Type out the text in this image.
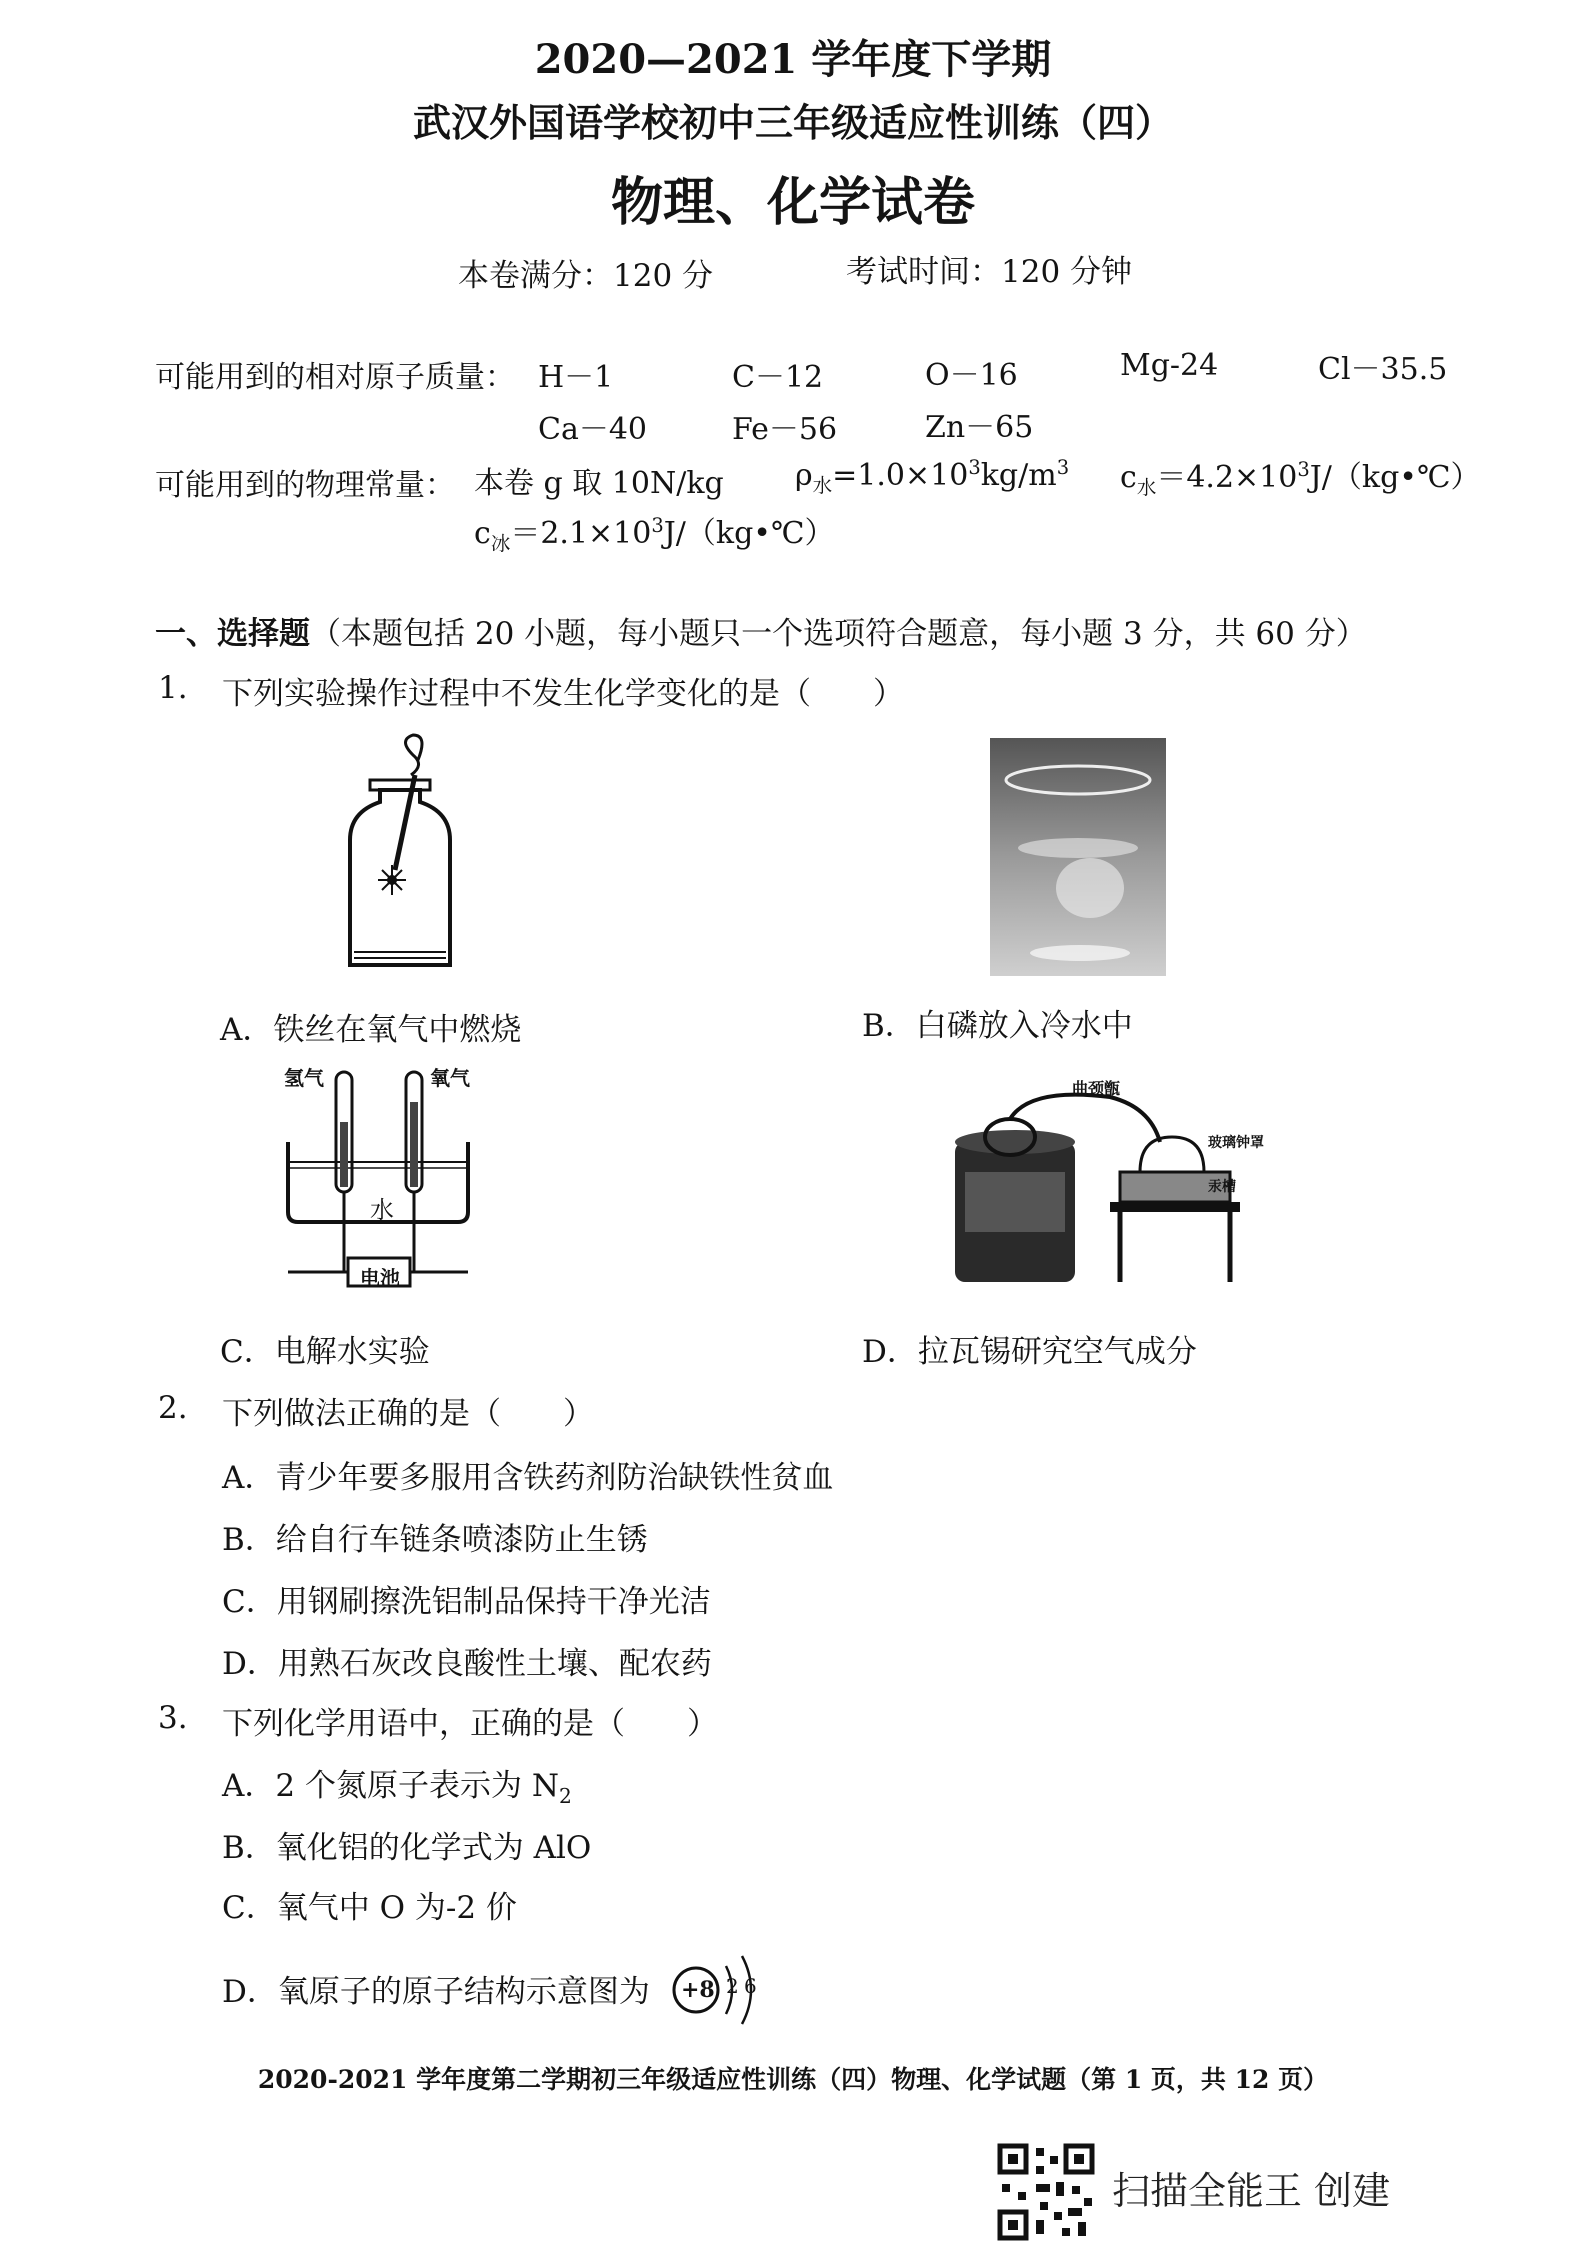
2020—2021 学年度下学期
武汉外国语学校初中三年级适应性训练（四）
物理、化学试卷
本卷满分：120 分	考试时间：120 分钟
可能用到的相对原子质量： H－1	C－12	O－16	Mg-24	Cl－35.5
Ca－40	Fe－56	Zn－65
可能用到的物理常量： 本卷 g 取 10N/kg $\rho_水=1.0\times 10^3kg/m^3$ $c_水=4.2\times 10^3J/(kg•℃)$
$c_冰=2.1\times 10^3J/(kg•℃)$
一、选择题（本题包括 20 小题，每小题只一个选项符合题意，每小题 3 分，共 60 分）
1. 下列实验操作过程中不发生化学变化的是（　　）
A．铁丝在氧气中燃烧	B．白磷放入冷水中
氢气	氧气
水
电池
C．电解水实验
曲颈甑
玻璃钟罩
汞槽
D．拉瓦锡研究空气成分
2. 下列做法正确的是（　　）
A．青少年要多服用含铁药剂防治缺铁性贫血
B．给自行车链条喷漆防止生锈
C．用钢刷擦洗铝制品保持干净光洁
D．用熟石灰改良酸性土壤、配农药
3. 下列化学用语中，正确的是（　　）
A．2 个氮原子表示为 $N_2$
B．氧化铝的化学式为 AlO
C．氧气中 O 为-2 价
D．氧原子的原子结构示意图为 +8 2 6
2020-2021 学年度第二学期初三年级适应性训练（四）物理、化学试题（第 1 页，共 12 页）
扫描全能王 创建
